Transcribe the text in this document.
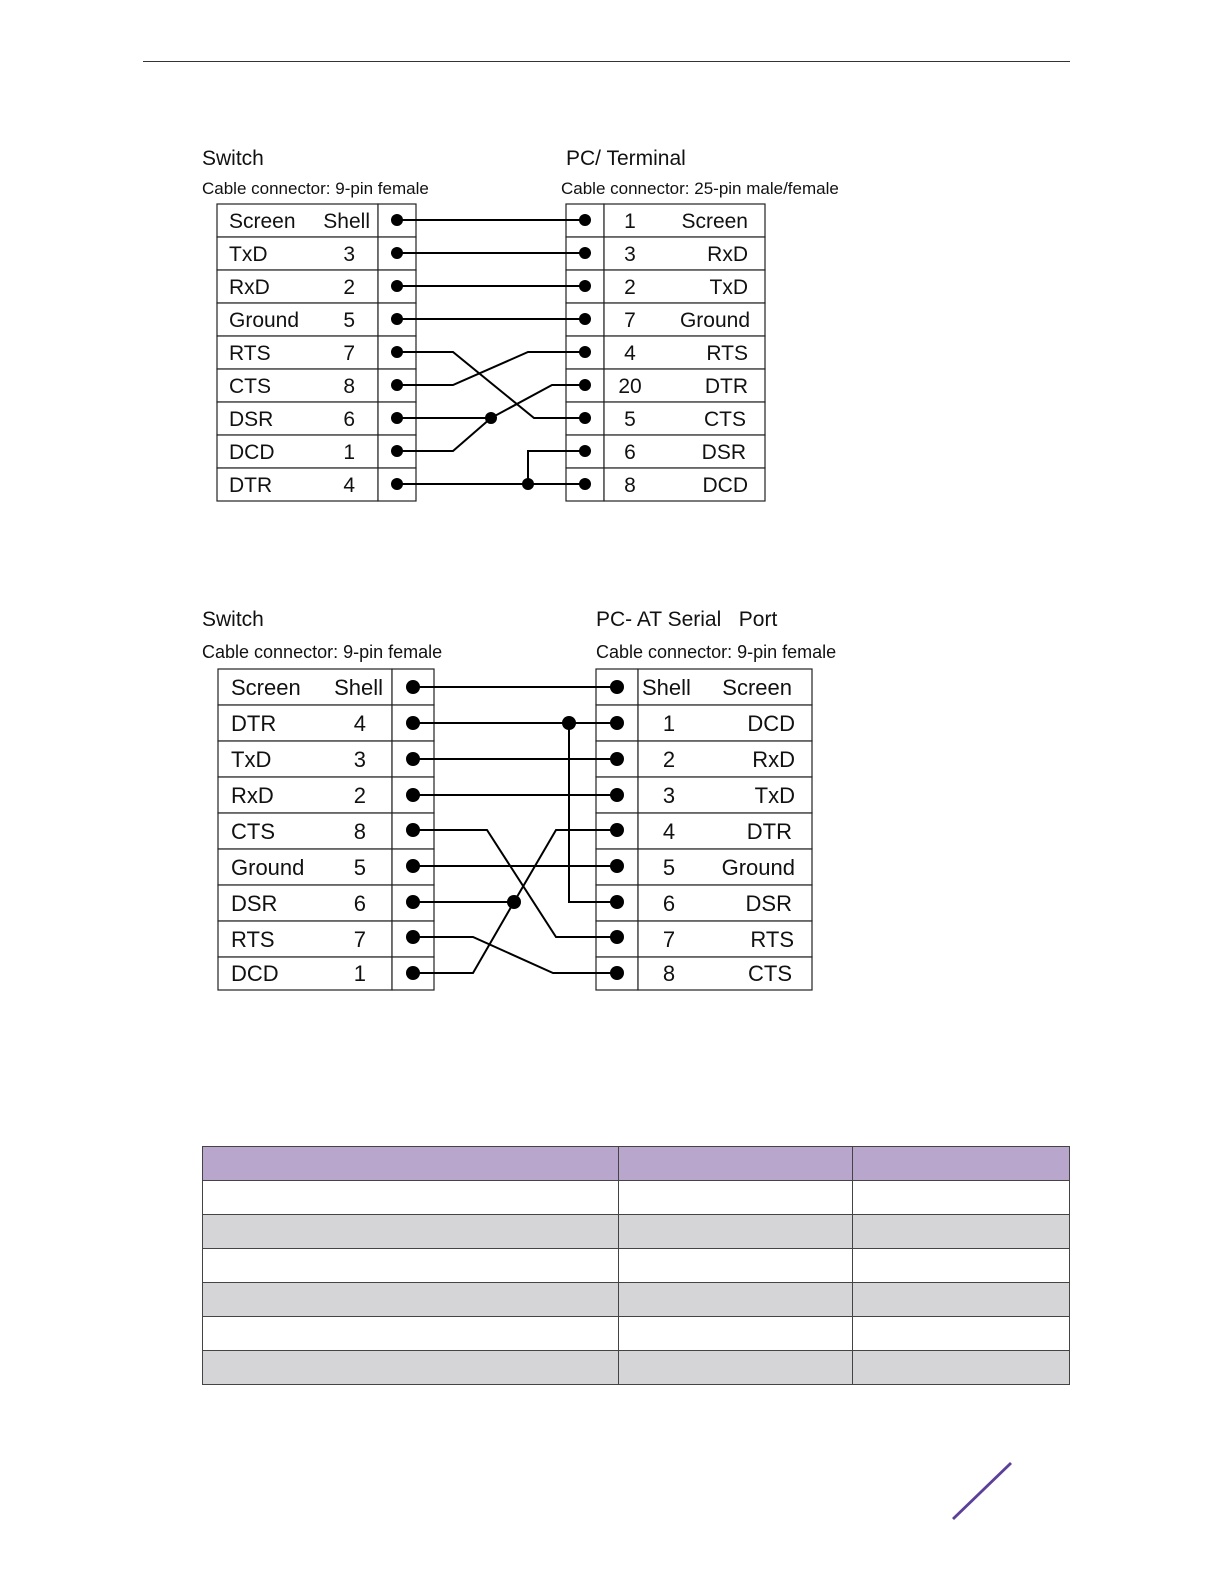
Switch
Cable connector: 9-pin female
PC/ Terminal
Cable connector: 25-pin male/female
Screen Shell
TxD	3
RxD	2
Ground 5
RTS	7
CTS	8
DSR	6
DCD	1
DTR	4
1 Screen
3	RxD
2	TxD
7 Ground
4	RTS
20	DTR
5	CTS
6	DSR
8	DCD
Switch
Cable connector: 9-pin female
PC- AT Serial   Port
Cable connector: 9-pin female
Screen Shell
DTR	4
TxD	3
RxD	2
CTS	8
Ground 5
DSR	6
RTS	7
DCD	1
Shell Screen
1	DCD
2	RxD
3	TxD
4	DTR
5 Ground
6	DSR
7	RTS
8	CTS
